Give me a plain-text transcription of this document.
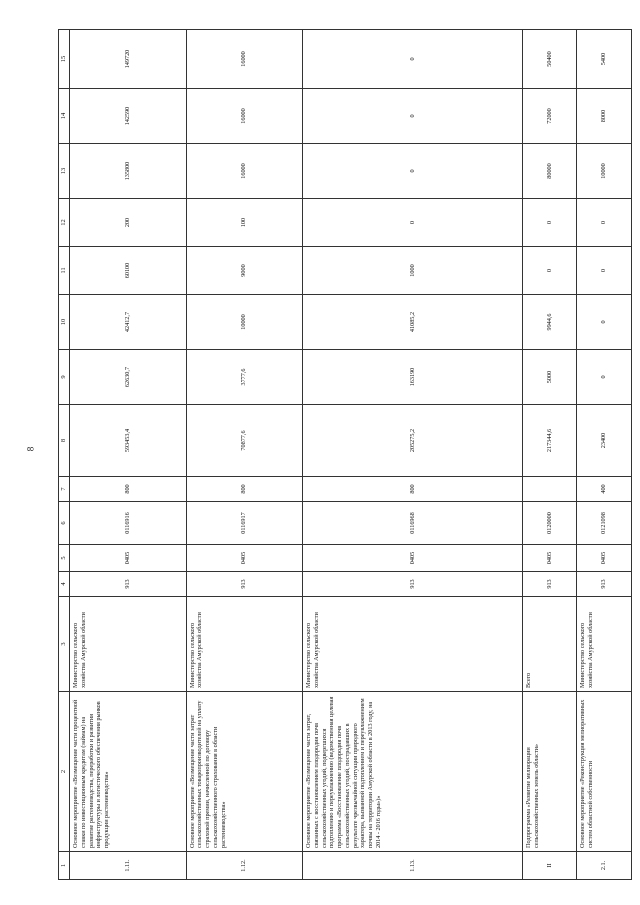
8
1	2	3	4	5	6	7	8	9	10	11	12	13	14	15
1.11.	Основное мероприятие «Возмещение части процентной ставки по инвестиционным кредитам (займам) на развитие растениеводства, переработки и развития инфраструктуры и логистического обеспечения рынков продукции растениеводства»	Министерство сельского хозяйства Амурской области	913	0405	0116916	800	593453,4	62630,7	42412,7	60100	200	135800	142590	149720
1.12.	Основное мероприятие «Возмещение части затрат сельскохозяйственных товаропроизводителей на уплату страховой премии, начисленной по договору сельскохозяйственного страхования в области растениеводства»	Министерство сельского хозяйства Амурской области	913	0405	0116917	800	70877,6	3777,6	10000	9000	100	16000	16000	16000
1.13.	Основное мероприятие «Возмещение части затрат, связанных с восстановлением плодородия почв сельскохозяйственных угодий, подвергшихся подтоплению и переувлажнению (ведомственная целевая программа «Восстановление плодородия почв сельскохозяйственных угодий, пострадавших в результате чрезвычайной ситуации природного характера, вызванной подтоплением и переувлажнением почвы на территории Амурской области в 2013 году, на 2014 - 2016 годы»)»	Министерство сельского хозяйства Амурской области	913	0405	0116968	800	205275,2	163190	41085,2	1000	0	0	0	0
II	Подпрограмма «Развитие мелиорации сельскохозяйственных земель области»	Всего	913	0405	0120000		217344,6	5000	9944,6	0	0	80000	72000	50400
2.1.	Основное мероприятие «Реконструкция мелиоративных систем областной собственности	Министерство сельского хозяйства Амурской области	913	0405	0121098	400	23400	0	0	0	0	10000	8000	5400
